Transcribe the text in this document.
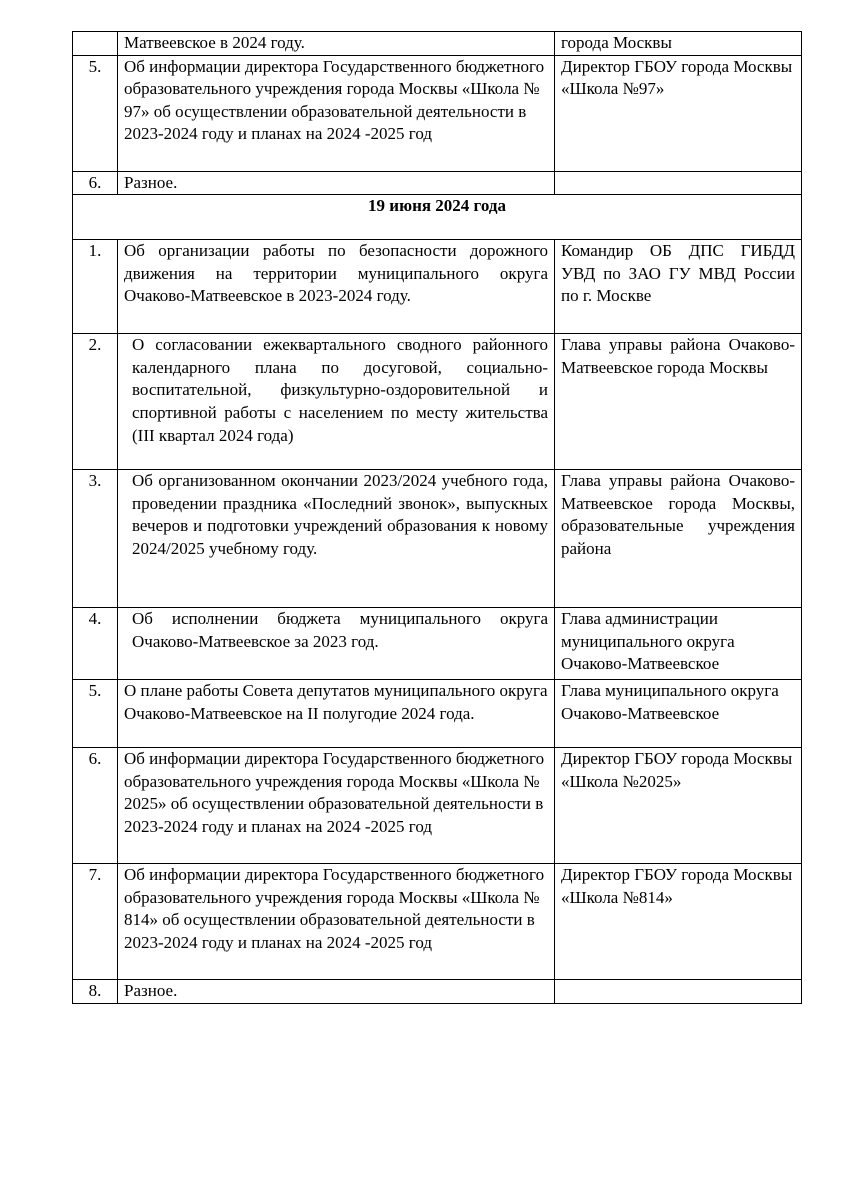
	Матвеевское в 2024 году.	города Москвы
5.	Об информации директора Государственного бюджетного образовательного учреждения города Москвы «Школа № 97» об осуществлении образовательной деятельности в 2023-2024 году и планах на 2024 -2025 год	Директор ГБОУ города Москвы «Школа №97»
6.	Разное.	
19 июня 2024 года		
1.	Об организации работы по безопасности дорожного движения на территории муниципального округа Очаково-Матвеевское в 2023-2024 году.	Командир ОБ ДПС ГИБДД УВД по ЗАО ГУ МВД России по г. Москве
2.	О согласовании ежеквартального сводного районного календарного плана по досуговой, социально-воспитательной, физкультурно-оздоровительной и спортивной работы с населением по месту жительства (III квартал 2024 года)	Глава управы района Очаково-Матвеевское города Москвы
3.	Об организованном окончании 2023/2024 учебного года, проведении праздника «Последний звонок», выпускных вечеров и подготовки учреждений образования к новому 2024/2025 учебному году.	Глава управы района Очаково-Матвеевское города Москвы, образовательные учреждения района
4.	Об исполнении бюджета муниципального округа Очаково-Матвеевское за 2023 год.	Глава администрации муниципального округа Очаково-Матвеевское
5.	О плане работы Совета депутатов муниципального округа Очаково-Матвеевское на II полугодие 2024 года.	Глава муниципального округа Очаково-Матвеевское
6.	Об информации директора Государственного бюджетного образовательного учреждения города Москвы «Школа № 2025» об осуществлении образовательной деятельности в 2023-2024 году и планах на 2024 -2025 год	Директор ГБОУ города Москвы «Школа №2025»
7.	Об информации директора Государственного бюджетного образовательного учреждения города Москвы «Школа № 814» об осуществлении образовательной деятельности в 2023-2024 году и планах на 2024 -2025 год	Директор ГБОУ города Москвы «Школа №814»
8.	Разное.	
